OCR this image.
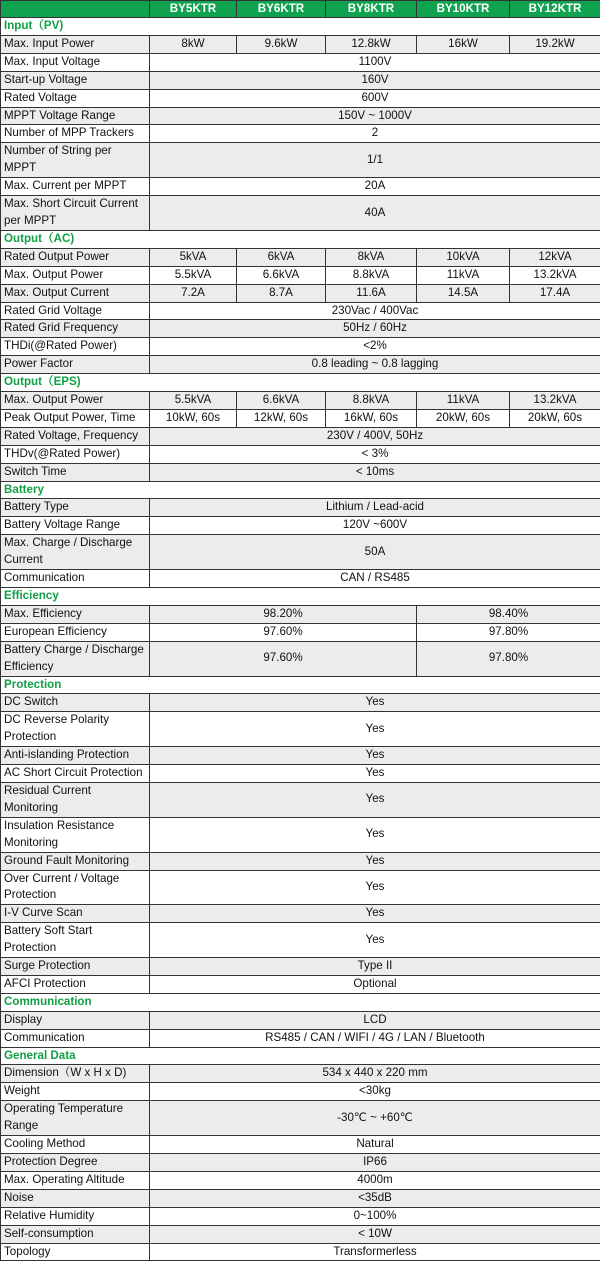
	BY5KTR	BY6KTR	BY8KTR	BY10KTR	BY12KTR
Input（PV)					
Max. Input Power	8kW	9.6kW	12.8kW	16kW	19.2kW
Max. Input Voltage	1100V				
Start-up Voltage	160V				
Rated Voltage	600V				
MPPT Voltage Range	150V ~ 1000V				
Number of MPP Trackers	2				
Number of String per MPPT	1/1				
Max. Current per MPPT	20A				
Max. Short Circuit Current per MPPT	40A				
Output（AC)					
Rated Output Power	5kVA	6kVA	8kVA	10kVA	12kVA
Max. Output Power	5.5kVA	6.6kVA	8.8kVA	11kVA	13.2kVA
Max. Output Current	7.2A	8.7A	11.6A	14.5A	17.4A
Rated Grid Voltage	230Vac / 400Vac				
Rated Grid Frequency	50Hz / 60Hz				
THDi(@Rated Power)	<2%				
Power Factor	0.8 leading ~ 0.8 lagging				
Output（EPS)					
Max. Output Power	5.5kVA	6.6kVA	8.8kVA	11kVA	13.2kVA
Peak Output Power, Time	10kW, 60s	12kW, 60s	16kW, 60s	20kW, 60s	20kW, 60s
Rated Voltage, Frequency	230V / 400V, 50Hz				
THDv(@Rated Power)	< 3%				
Switch Time	< 10ms				
Battery					
Battery Type	Lithium / Lead-acid				
Battery Voltage Range	120V ~600V				
Max. Charge / Discharge Current	50A				
Communication	CAN / RS485				
Efficiency					
Max. Efficiency	98.20%			98.40%	
European Efficiency	97.60%			97.80%	
Battery Charge / Discharge Efficiency	97.60%			97.80%	
Protection					
DC Switch	Yes				
DC Reverse Polarity Protection	Yes				
Anti-islanding Protection	Yes				
AC Short Circuit Protection	Yes				
Residual Current Monitoring	Yes				
Insulation Resistance Monitoring	Yes				
Ground Fault Monitoring	Yes				
Over Current / Voltage Protection	Yes				
I-V Curve Scan	Yes				
Battery Soft Start Protection	Yes				
Surge Protection	Type II				
AFCI Protection	Optional				
Communication					
Display	LCD				
Communication	RS485 / CAN / WIFI / 4G / LAN / Bluetooth				
General Data					
Dimension（W x H x D)	534 x 440 x 220 mm				
Weight	<30kg				
Operating Temperature Range	-30℃ ~ +60℃				
Cooling Method	Natural				
Protection Degree	IP66				
Max. Operating Altitude	4000m				
Noise	<35dB				
Relative Humidity	0~100%				
Self-consumption	< 10W				
Topology	Transformerless				
